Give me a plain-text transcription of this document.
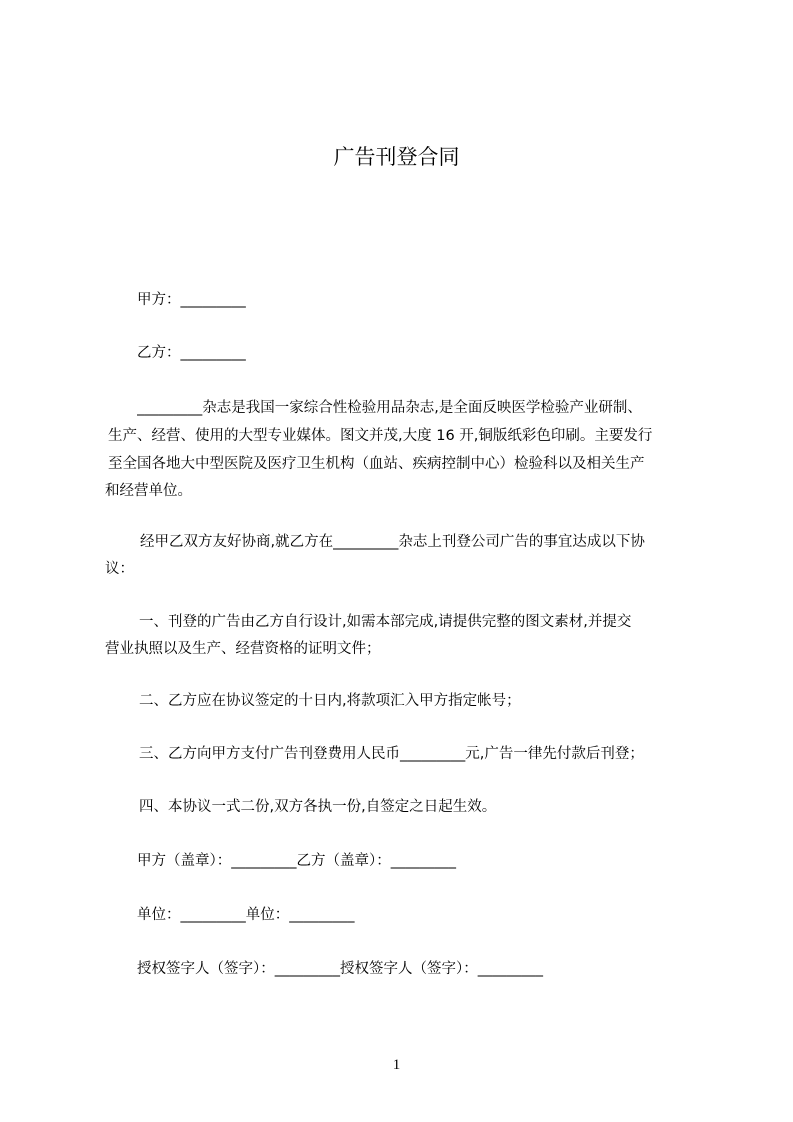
广告刊登合同
甲方：_________
乙方：_________
_________杂志是我国一家综合性检验用品杂志,是全面反映医学检验产业研制、
生产、经营、使用的大型专业媒体。图文并茂,大度 16 开,铜版纸彩色印刷。主要发行
至全国各地大中型医院及医疗卫生机构（血站、疾病控制中心）检验科以及相关生产
和经营单位。
经甲乙双方友好协商,就乙方在_________杂志上刊登公司广告的事宜达成以下协
议：
一、刊登的广告由乙方自行设计,如需本部完成,请提供完整的图文素材,并提交
营业执照以及生产、经营资格的证明文件；
二、乙方应在协议签定的十日内,将款项汇入甲方指定帐号；
三、乙方向甲方支付广告刊登费用人民币_________元,广告一律先付款后刊登；
四、本协议一式二份,双方各执一份,自签定之日起生效。
甲方（盖章）：_________乙方（盖章）：_________
单位：_________单位：_________
授权签字人（签字）：_________授权签字人（签字）：_________
1
